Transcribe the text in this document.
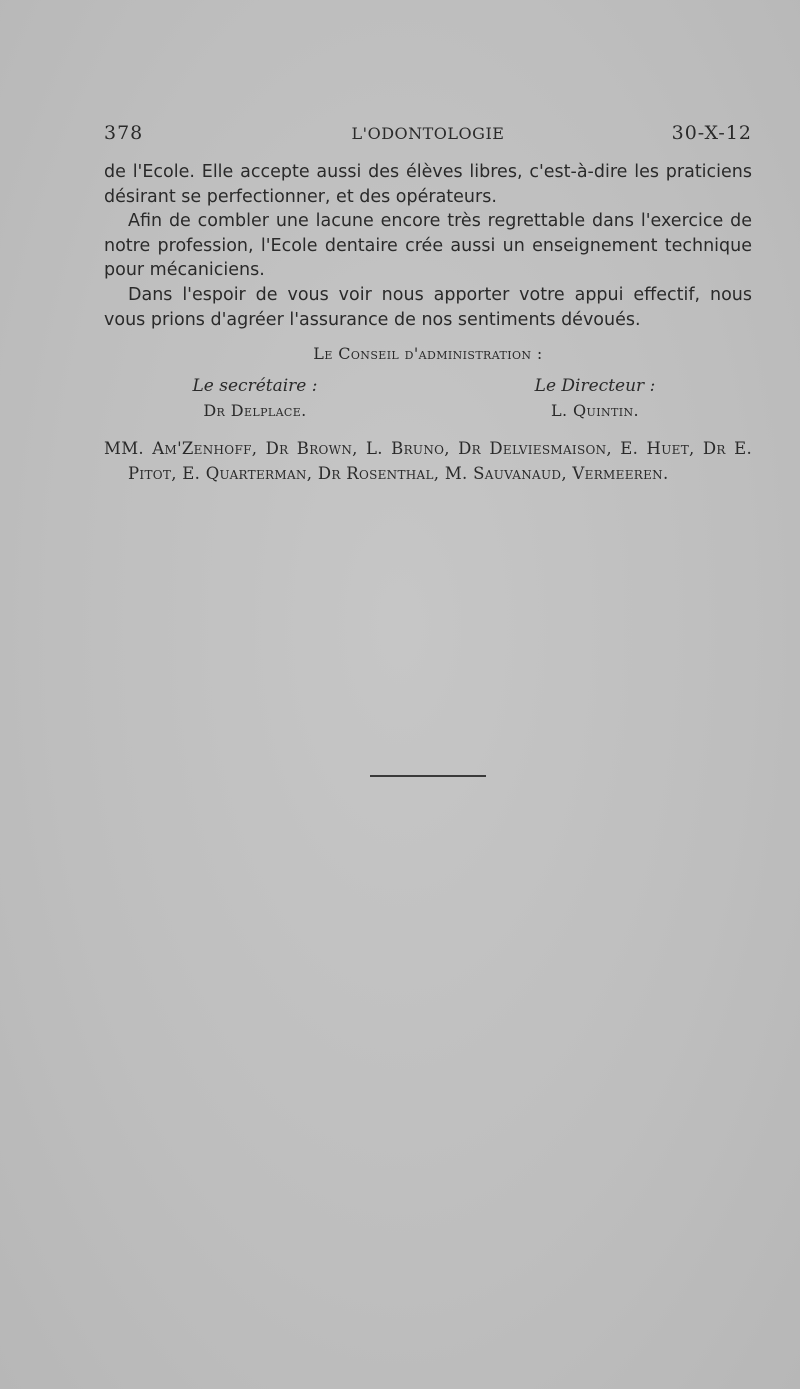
378	L'ODONTOLOGIE	30-X-12

de l'Ecole. Elle accepte aussi des élèves libres, c'est-à-dire les praticiens désirant se perfectionner, et des opérateurs.

Afin de combler une lacune encore très regrettable dans l'exercice de notre profession, l'Ecole dentaire crée aussi un enseignement technique pour mécaniciens.

Dans l'espoir de vous voir nous apporter votre appui effectif, nous vous prions d'agréer l'assurance de nos sentiments dévoués.

Le Conseil d'administration :
Le secrétaire :
Dr Delplace.
Le Directeur :
L. Quintin.
MM. Am'Zenhoff, Dr Brown, L. Bruno, Dr Delviesmaison, E. Huet, Dr E. Pitot, E. Quarterman, Dr Rosenthal, M. Sauvanaud, Vermeeren.
